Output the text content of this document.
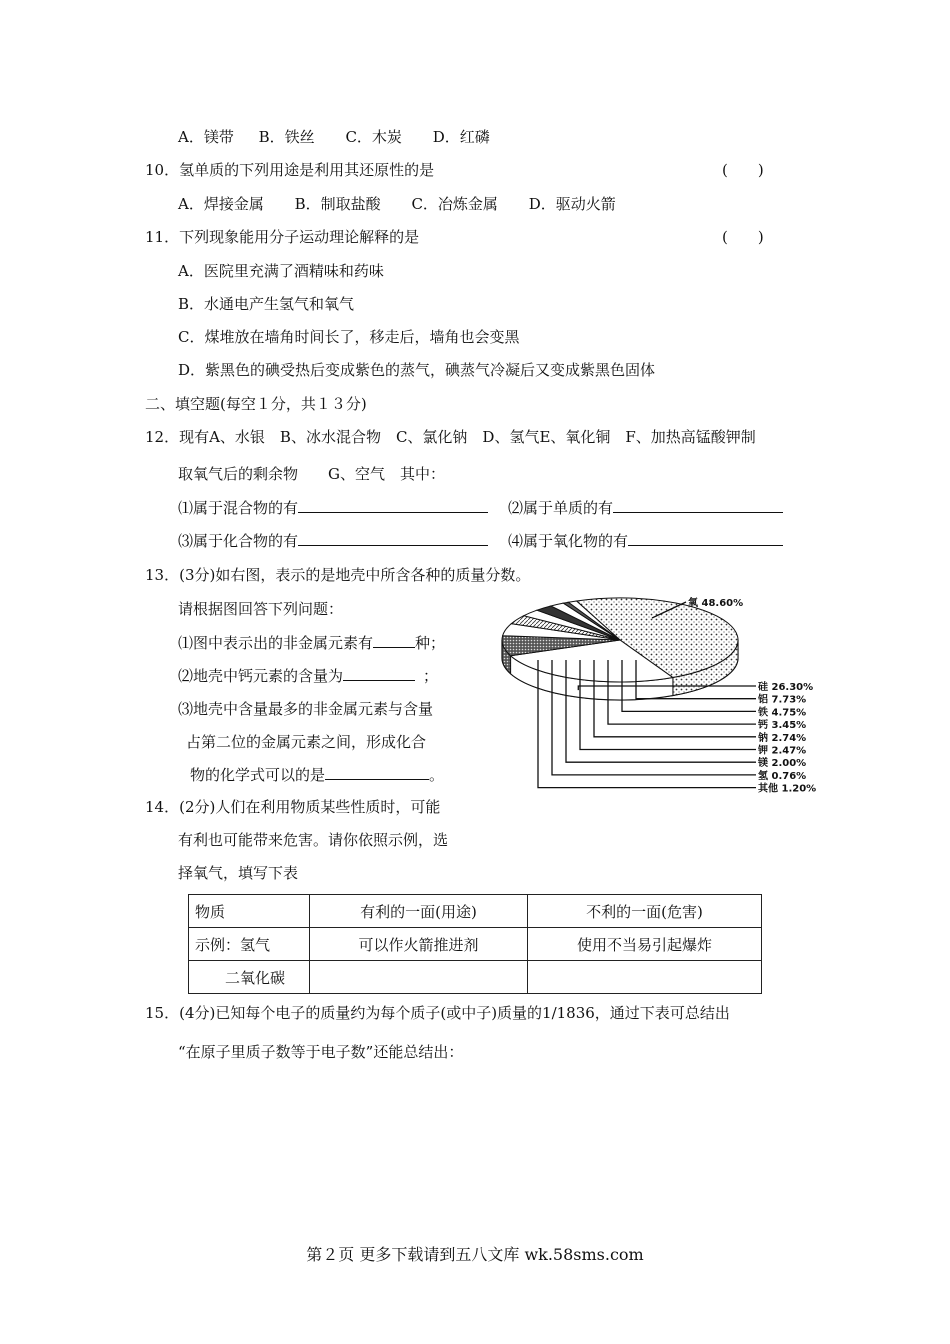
A．镁带 B．铁丝 C．木炭 D．红磷
10．氢单质的下列用途是利用其还原性的是	(　　)
A．焊接金属 B．制取盐酸 C．冶炼金属 D．驱动火箭
11．下列现象能用分子运动理论解释的是	(　　)
A．医院里充满了酒精味和药味
B．水通电产生氢气和氧气
C．煤堆放在墙角时间长了，移走后，墙角也会变黑
D．紫黑色的碘受热后变成紫色的蒸气，碘蒸气冷凝后又变成紫黑色固体
二、填空题(每空１分，共１３分)
12．现有A、水银　B、冰水混合物　C、氯化钠　D、氢气E、氧化铜　F、加热高锰酸钾制
取氧气后的剩余物　　G、空气　其中：
⑴属于混合物的有	⑵属于单质的有
⑶属于化合物的有	⑷属于氧化物的有
13．(3分)如右图，表示的是地壳中所含各种的质量分数。
请根据图回答下列问题：
⑴图中表示出的非金属元素有	种；
⑵地壳中钙元素的含量为	；
⑶地壳中含量最多的非金属元素与含量
占第二位的金属元素之间，形成化合
物的化学式可以的是	。
氧 48.60%
硅 26.30%
铝 7.73%
铁 4.75%
钙 3.45%
钠 2.74%
钾 2.47%
镁 2.00%
氢 0.76%
其他 1.20%
14．(2分)人们在利用物质某些性质时，可能
有利也可能带来危害。请你依照示例，选
择氧气，填写下表
物质	有利的一面(用途)	不利的一面(危害)
示例：氢气	可以作火箭推进剂	使用不当易引起爆炸
二氧化碳		
15．(4分)已知每个电子的质量约为每个质子(或中子)质量的1/1836，通过下表可总结出
“在原子里质子数等于电子数”还能总结出：
第２页 更多下载请到五八文库 wk.58sms.com
